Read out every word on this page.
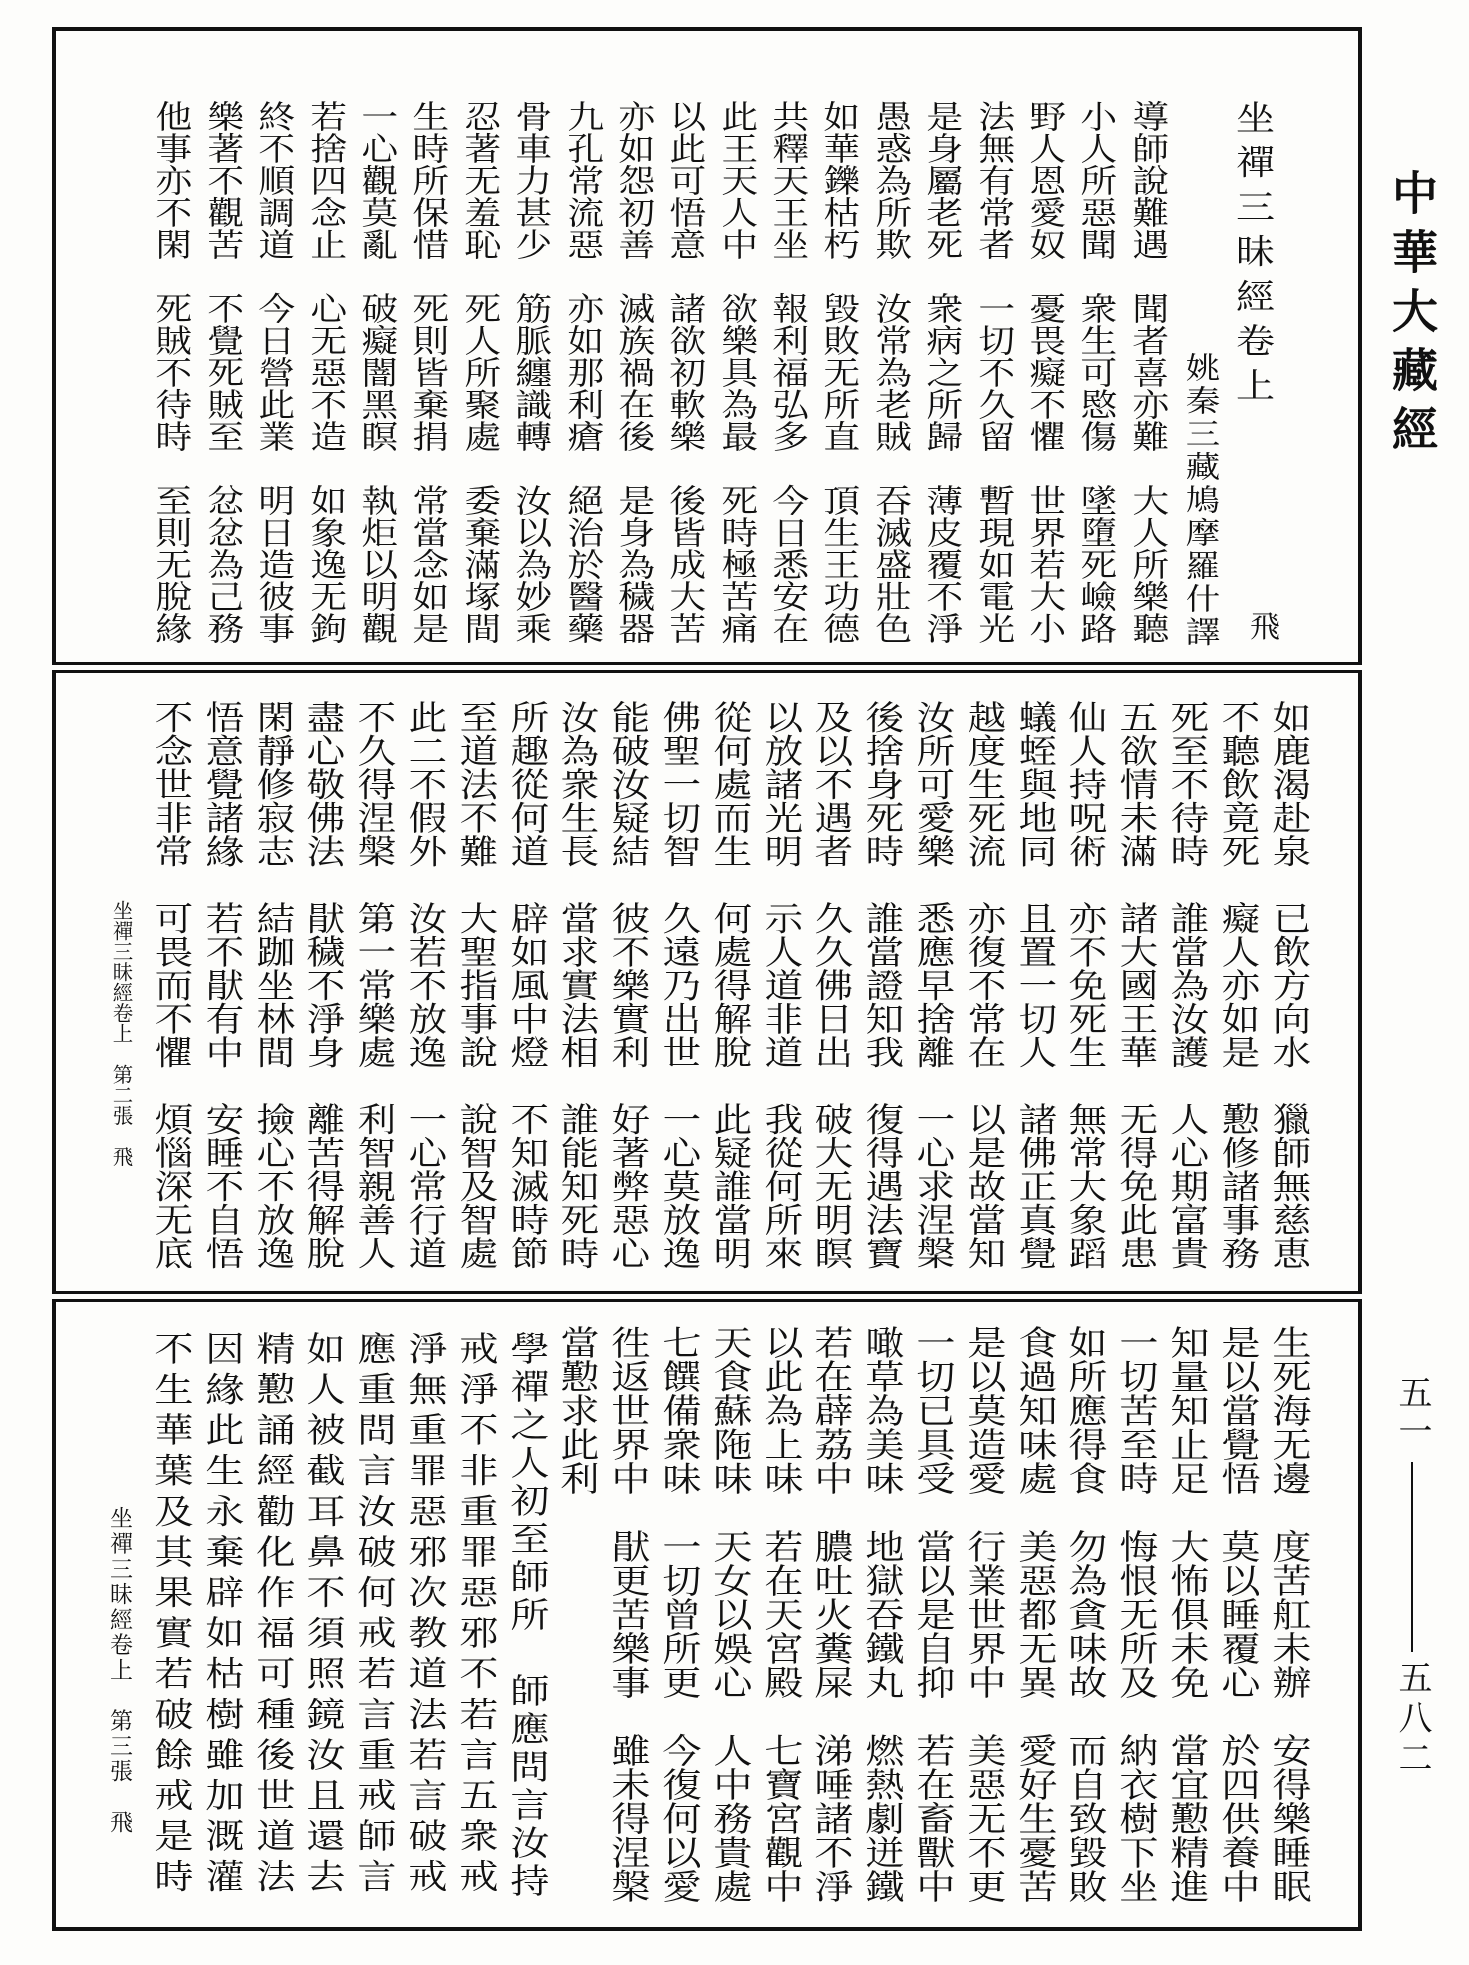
坐禪三昧經卷上

姚秦三藏鳩摩羅什譯

導師說難遇　聞者喜亦難　大人所樂聽

小人所惡聞　衆生可愍傷　墜墮死嶮路

野人恩愛奴　憂畏癡不懼　世界若大小

法無有常者　一切不久留　暫現如電光

是身屬老死　衆病之所歸　薄皮覆不淨

愚惑為所欺　汝常為老賊　吞滅盛壯色

如華鑠枯朽　毀敗无所直　頂生王功德

共釋天王坐　報利福弘多　今日悉安在

此王天人中　欲樂具為最　死時極苦痛

以此可悟意　諸欲初軟樂　後皆成大苦

亦如怨初善　滅族禍在後　是身為穢器

九孔常流惡　亦如那利瘡　絕治於醫藥

骨車力甚少　筋脈纏識轉　汝以為妙乘

忍著无羞恥　死人所聚處　委棄滿塚間

生時所保惜　死則皆棄捐　常當念如是

一心觀莫亂　破癡闇黑瞑　執炬以明觀

若捨四念止　心无惡不造　如象逸无鉤

終不順調道　今日營此業　明日造彼事

樂著不觀苦　不覺死賊至　忿忿為己務

他事亦不閑　死賊不待時　至則无脫緣	飛

如鹿渴赴泉　已飲方向水　獵師無慈恵

不聽飲竟死　癡人亦如是　懃修諸事務

死至不待時　誰當為汝護　人心期富貴

五欲情未滿　諸大國王華　无得免此患

仙人持呪術　亦不免死生　無常大象蹈

蟻蛭與地同　且置一切人　諸佛正真覺

越度生死流　亦復不常在　以是故當知

汝所可愛樂　悉應早捨離　一心求涅槃

後捨身死時　誰當證知我　復得遇法寶

及以不遇者　久久佛日出　破大无明瞑

以放諸光明　示人道非道　我從何所來

從何處而生　何處得解脫　此疑誰當明

佛聖一切智　久遠乃出世　一心莫放逸

能破汝疑結　彼不樂實利　好著弊惡心

汝為衆生長　當求實法相　誰能知死時

所趣從何道　辟如風中燈　不知滅時節

至道法不難　大聖指事說　說智及智處

此二不假外　汝若不放逸　一心常行道

不久得涅槃　第一常樂處　利智親善人

盡心敬佛法　猒穢不淨身　離苦得解脫

閑靜修寂志　結跏坐林間　撿心不放逸

悟意覺諸緣　若不猒有中　安睡不自悟

不念世非常　可畏而不懼　煩惱深无底

坐禪三昧經卷上　第二張　飛

生死海无邊　度苦舡未辦　安得樂睡眠

是以當覺悟　莫以睡覆心　於四供養中

知量知止足　大怖俱未免　當宜懃精進

一切苦至時　悔恨无所及　納衣樹下坐

如所應得食　勿為貪味故　而自致毀敗

食過知味處　美惡都无異　愛好生憂苦

是以莫造愛　行業世界中　美惡无不更

一切已具受　當以是自抑　若在畜獸中

噉草為美味　地獄吞鐵丸　燃熱劇迸鐵

若在薜荔中　膿吐火糞屎　涕唾諸不淨

以此為上味　若在天宮殿　七寶宮觀中

天食蘇陁味　天女以娛心　人中務貴處

七饌備衆味　一切曾所更　今復何以愛

徃返世界中　猒更苦樂事　雖未得涅槃

當懃求此利

學禪之人初至師所　師應問言汝持

戒淨不非重罪惡邪不若言五衆戒

淨無重罪惡邪次教道法若言破戒

應重問言汝破何戒若言重戒師言

如人被截耳鼻不須照鏡汝且還去

精懃誦經勸化作福可種後世道法

因緣此生永棄辟如枯樹雖加溉灌

不生華葉及其果實若破餘戒是時

坐禪三昧經卷上　第三張　飛

中華大藏經

五一

五八二
